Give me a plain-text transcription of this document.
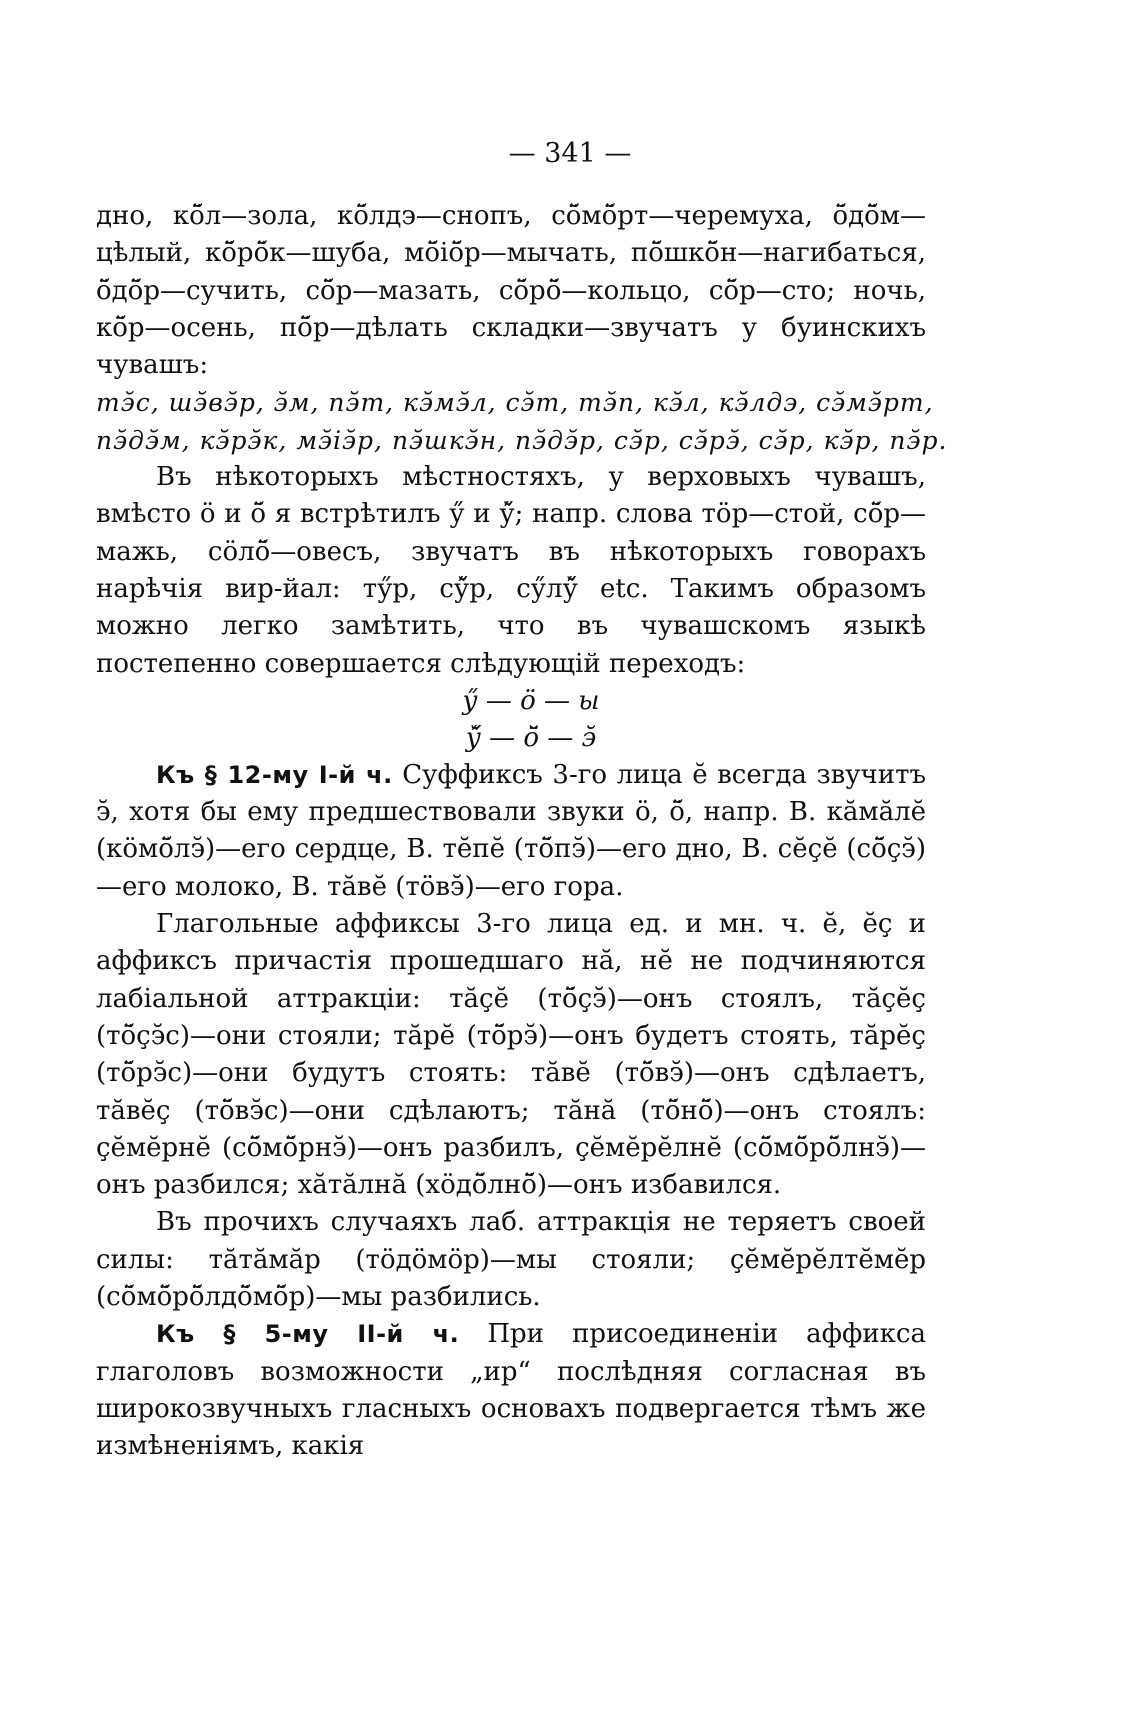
— 341 —

дно, кӧ̆л—зола, кӧ̆лдэ—снопъ, сӧ̆мӧ̆рт—черемуха, ӧ̆дӧ̆м—цѣлый, кӧ̆рӧ̆к—шуба, мӧ̆іӧ̆р—мычать, пӧ̆шкӧ̆н—нагибаться, ӧ̆дӧ̆р—сучить, сӧ̆р—мазать, сӧ̆рӧ̆—кольцо, сӧ̆р—сто; ночь, кӧ̆р—осень, пӧ̆р—дѣлать складки—звучатъ у буинскихъ чувашъ:

тэ̆с, шэ̆вэ̆р, э̆м, пэ̆т, кэ̆мэ̆л, сэ̆т, тэ̆п, кэ̆л, кэ̆лдэ, сэ̆мэ̆рт,
пэ̆дэ̆м, кэ̆рэ̆к, мэ̆іэ̆р, пэ̆шкэ̆н, пэ̆дэ̆р, сэ̆р, сэ̆рэ̆, сэ̆р, кэ̆р, пэ̆р.

Въ нѣкоторыхъ мѣстностяхъ, у верховыхъ чувашъ, вмѣсто ӧ и ӧ̆ я встрѣтилъ ӳ и ӳ̆; напр. слова тӧр—стой, сӧ̆р—мажь, сӧлӧ̆—овесъ, звучатъ въ нѣкоторыхъ говорахъ нарѣчія вир-йал: тӳр, сӳ̆р, сӳлӳ̆ etc. Такимъ образомъ можно легко замѣтить, что въ чувашскомъ языкѣ постепенно совершается слѣдующій переходъ:

ӳ — ӧ — ы
ӳ̆ — ӧ̆ — э̆

Къ § 12-му І-й ч. Суффиксъ 3-го лица ĕ всегда звучитъ э̆, хотя бы ему предшествовали звуки ӧ, ӧ̆, напр. В. кăмăлĕ (кӧмӧ̆лэ̆)—его сердце, В. тĕпĕ (тӧ̆пэ̆)—его дно, В. сĕҫĕ (сӧ̆ҫэ̆)—его молоко, В. тăвĕ (тӧвэ̆)—его гора.

Глагольные аффиксы 3-го лица ед. и мн. ч. ĕ, ĕҫ и аффиксъ причастія прошедшаго нă, нĕ не подчиняются лабіальной аттракціи: тăҫĕ (тӧ̆ҫэ̆)—онъ стоялъ, тăҫĕҫ (тӧ̆ҫэ̆с)—они стояли; тăрĕ (тӧ̆рэ̆)—онъ будетъ стоять, тăрĕҫ (тӧ̆рэ̆с)—они будутъ стоять: тăвĕ (тӧ̆вэ̆)—онъ сдѣлаетъ, тăвĕҫ (тӧ̆вэ̆с)—они сдѣлаютъ; тăнă (тӧ̆нӧ̆)—онъ стоялъ: ҫĕмĕрнĕ (сӧ̆мӧ̆рнэ̆)—онъ разбилъ, ҫĕмĕрĕлнĕ (сӧ̆мӧ̆рӧ̆лнэ̆)—онъ разбился; хăтăлнă (хӧдӧ̆лнӧ̆)—онъ избавился.

Въ прочихъ случаяхъ лаб. аттракція не теряетъ своей силы: тăтăмăр (тӧдӧмӧр)—мы стояли; ҫĕмĕрĕлтĕмĕр (сӧ̆мӧ̆рӧ̆лдӧ̆мӧ̆р)—мы разбились.

Къ § 5-му ІІ-й ч. При присоединеніи аффикса глаголовъ возможности „ир“ послѣдняя согласная въ широкозвучныхъ гласныхъ основахъ подвергается тѣмъ же измѣненіямъ, какія
